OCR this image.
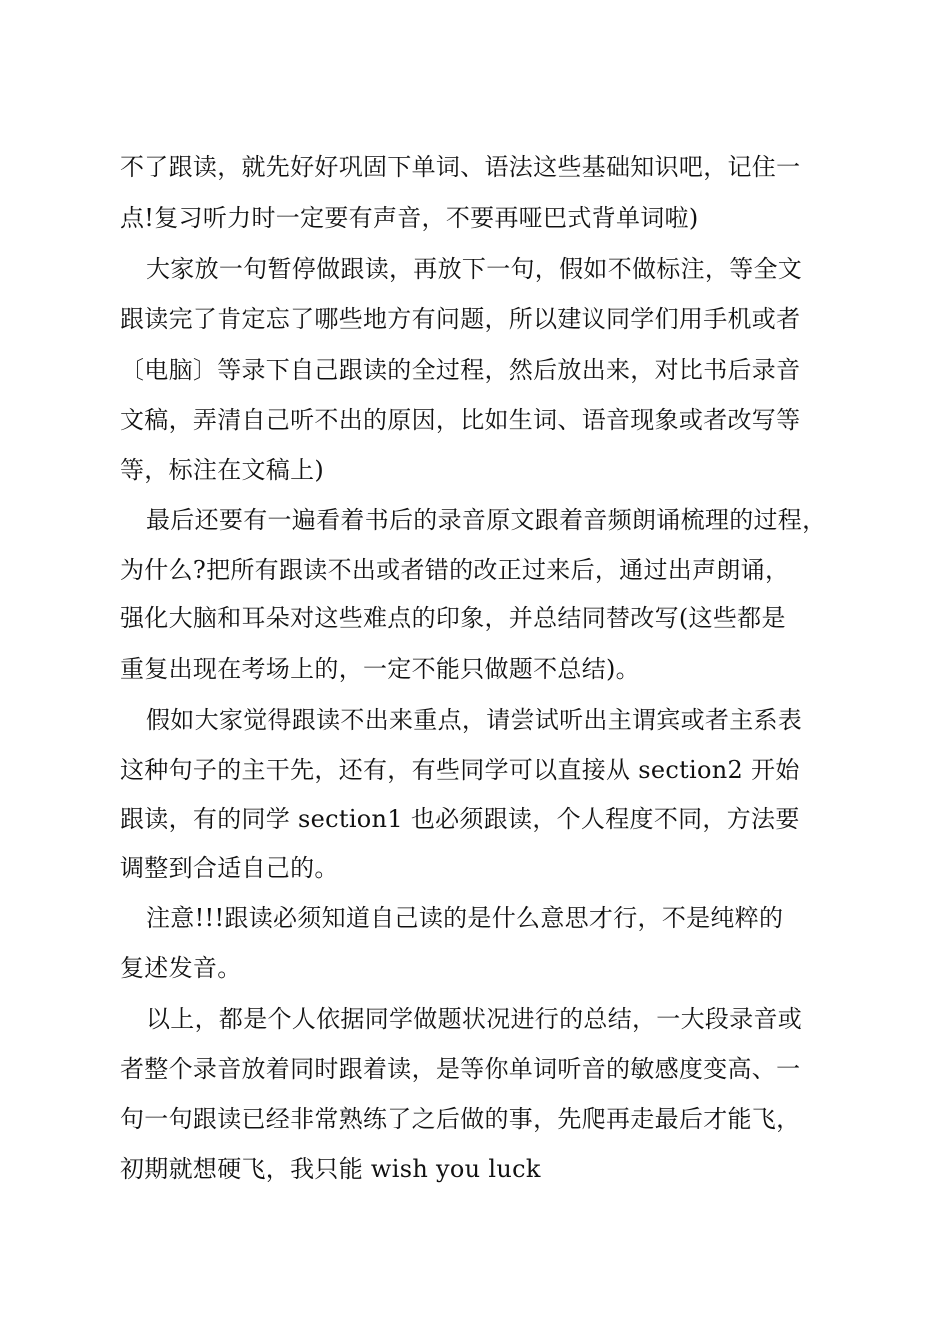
不了跟读，就先好好巩固下单词、语法这些基础知识吧，记住一
点!复习听力时一定要有声音，不要再哑巴式背单词啦)
大家放一句暂停做跟读，再放下一句，假如不做标注，等全文
跟读完了肯定忘了哪些地方有问题，所以建议同学们用手机或者
〔电脑〕等录下自己跟读的全过程，然后放出来，对比书后录音
文稿，弄清自己听不出的原因，比如生词、语音现象或者改写等
等，标注在文稿上)
最后还要有一遍看着书后的录音原文跟着音频朗诵梳理的过程，
为什么?把所有跟读不出或者错的改正过来后，通过出声朗诵，
强化大脑和耳朵对这些难点的印象，并总结同替改写(这些都是
重复出现在考场上的，一定不能只做题不总结)。
假如大家觉得跟读不出来重点，请尝试听出主谓宾或者主系表
这种句子的主干先，还有，有些同学可以直接从 section2 开始
跟读，有的同学 section1 也必须跟读，个人程度不同，方法要
调整到合适自己的。
注意!!!跟读必须知道自己读的是什么意思才行，不是纯粹的
复述发音。
以上，都是个人依据同学做题状况进行的总结，一大段录音或
者整个录音放着同时跟着读，是等你单词听音的敏感度变高、一
句一句跟读已经非常熟练了之后做的事，先爬再走最后才能飞，
初期就想硬飞，我只能 wish you luck
